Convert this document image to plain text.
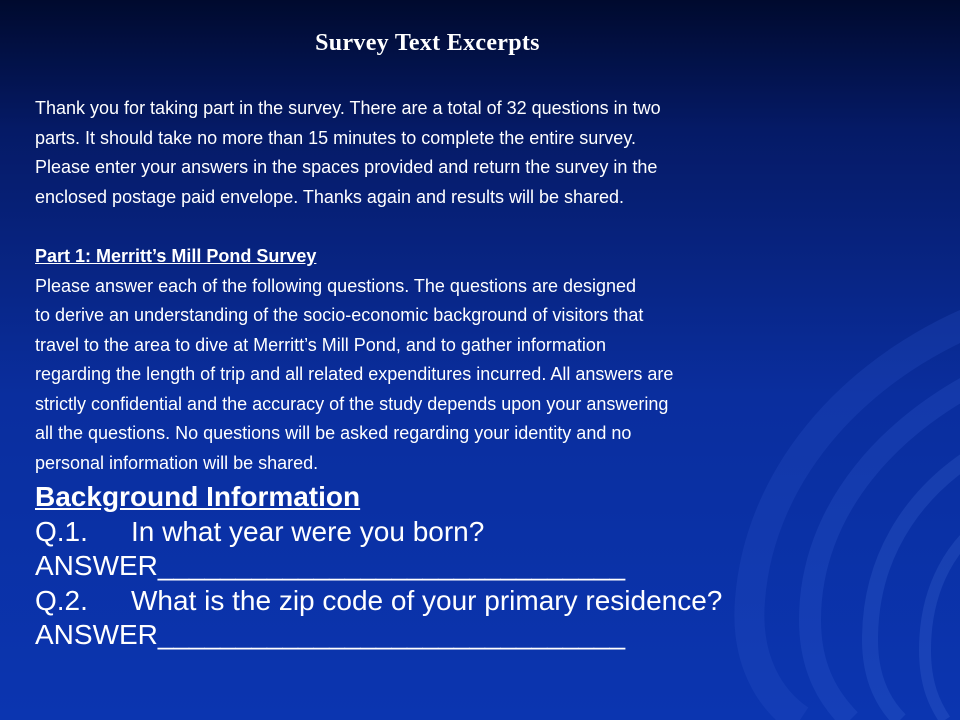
Survey Text Excerpts

Thank you for taking part in the survey. There are a total of 32 questions in two
parts. It should take no more than 15 minutes to complete the entire survey.
Please enter your answers in the spaces provided and return the survey in the
enclosed postage paid envelope. Thanks again and results will be shared.

Part 1: Merritt’s Mill Pond Survey

Please answer each of the following questions. The questions are designed
to derive an understanding of the socio-economic background of visitors that
travel to the area to dive at Merritt’s Mill Pond, and to gather information
regarding the length of trip and all related expenditures incurred. All answers are
strictly confidential and the accuracy of the study depends upon your answering
all the questions. No questions will be asked regarding your identity and no
personal information will be shared.

Background Information
Q.1. In what year were you born?
ANSWER______________________________
Q.2. What is the zip code of your primary residence?
ANSWER______________________________
